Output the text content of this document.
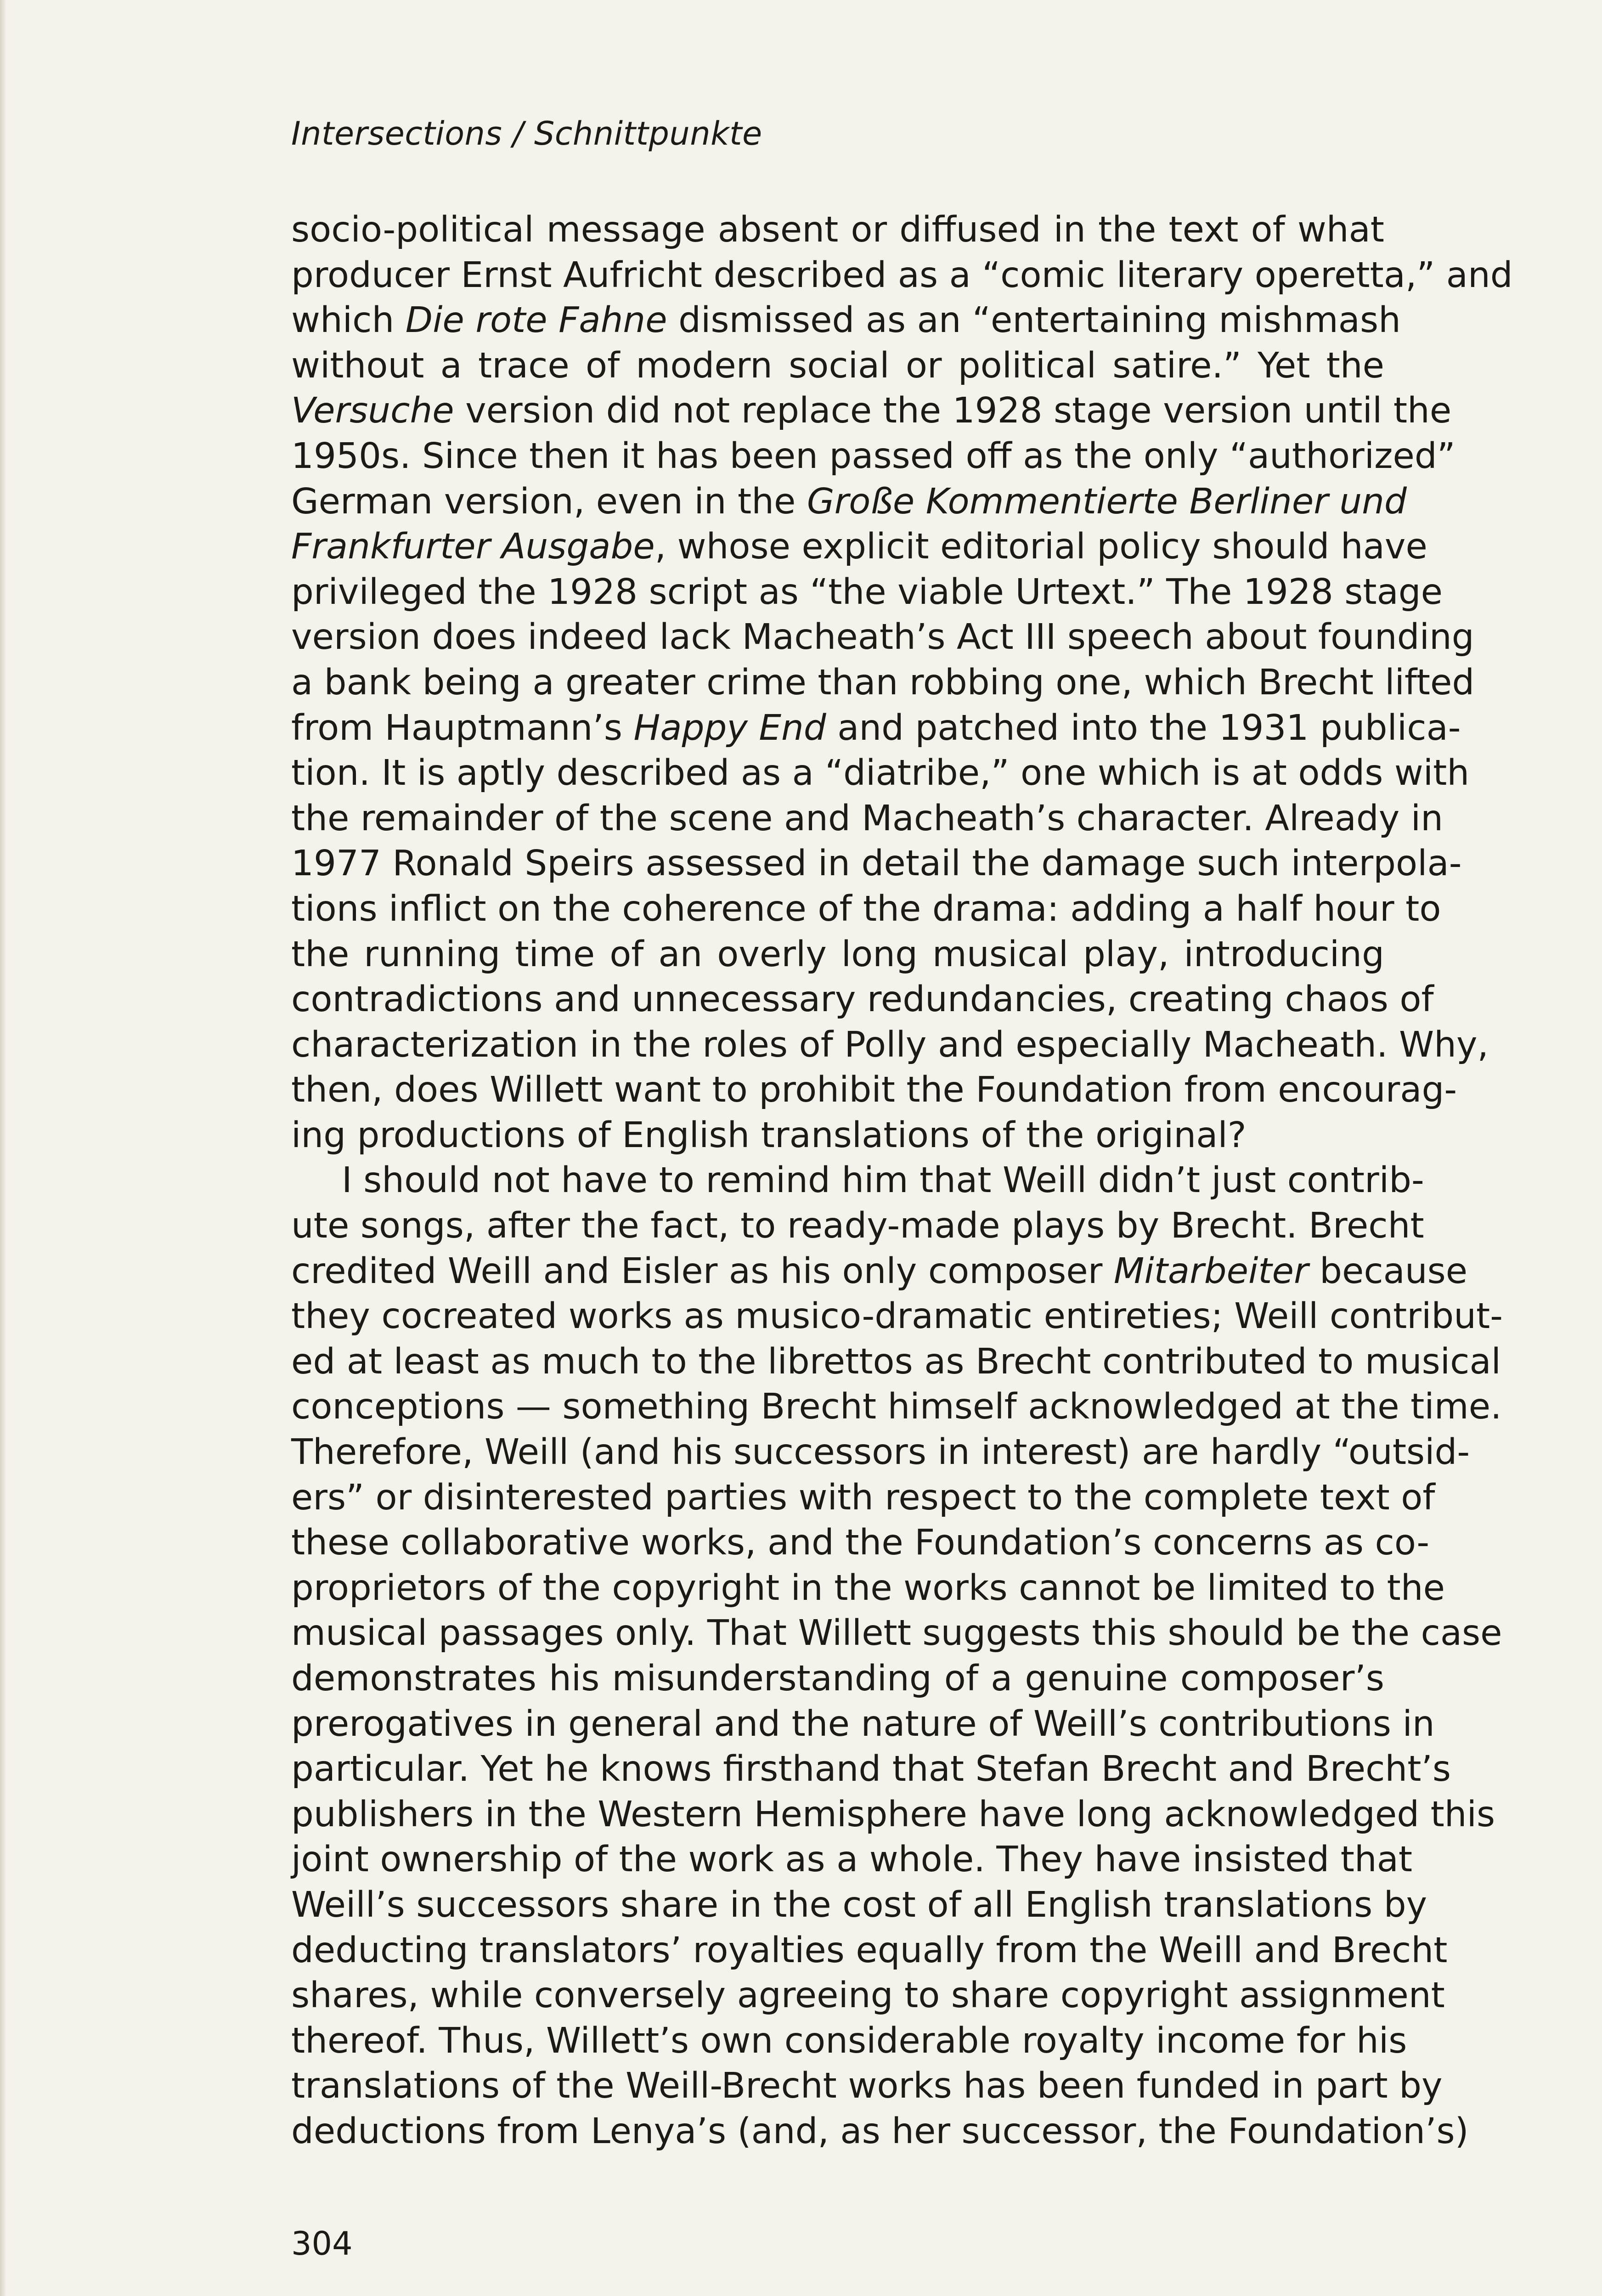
Intersections / Schnittpunkte
socio-political message absent or diffused in the text of what
producer Ernst Aufricht described as a “comic literary operetta,” and
which Die rote Fahne dismissed as an “entertaining mishmash
without a trace of modern social or political satire.” Yet the
Versuche version did not replace the 1928 stage version until the
1950s. Since then it has been passed off as the only “authorized”
German version, even in the Große Kommentierte Berliner und
Frankfurter Ausgabe, whose explicit editorial policy should have
privileged the 1928 script as “the viable Urtext.” The 1928 stage
version does indeed lack Macheath’s Act III speech about founding
a bank being a greater crime than robbing one, which Brecht lifted
from Hauptmann’s Happy End and patched into the 1931 publica-
tion. It is aptly described as a “diatribe,” one which is at odds with
the remainder of the scene and Macheath’s character. Already in
1977 Ronald Speirs assessed in detail the damage such interpola-
tions inflict on the coherence of the drama: adding a half hour to
the running time of an overly long musical play, introducing
contradictions and unnecessary redundancies, creating chaos of
characterization in the roles of Polly and especially Macheath. Why,
then, does Willett want to prohibit the Foundation from encourag-
ing productions of English translations of the original?
I should not have to remind him that Weill didn’t just contrib-
ute songs, after the fact, to ready-made plays by Brecht. Brecht
credited Weill and Eisler as his only composer Mitarbeiter because
they cocreated works as musico-dramatic entireties; Weill contribut-
ed at least as much to the librettos as Brecht contributed to musical
conceptions — something Brecht himself acknowledged at the time.
Therefore, Weill (and his successors in interest) are hardly “outsid-
ers” or disinterested parties with respect to the complete text of
these collaborative works, and the Foundation’s concerns as co-
proprietors of the copyright in the works cannot be limited to the
musical passages only. That Willett suggests this should be the case
demonstrates his misunderstanding of a genuine composer’s
prerogatives in general and the nature of Weill’s contributions in
particular. Yet he knows firsthand that Stefan Brecht and Brecht’s
publishers in the Western Hemisphere have long acknowledged this
joint ownership of the work as a whole. They have insisted that
Weill’s successors share in the cost of all English translations by
deducting translators’ royalties equally from the Weill and Brecht
shares, while conversely agreeing to share copyright assignment
thereof. Thus, Willett’s own considerable royalty income for his
translations of the Weill-Brecht works has been funded in part by
deductions from Lenya’s (and, as her successor, the Foundation’s)
304
